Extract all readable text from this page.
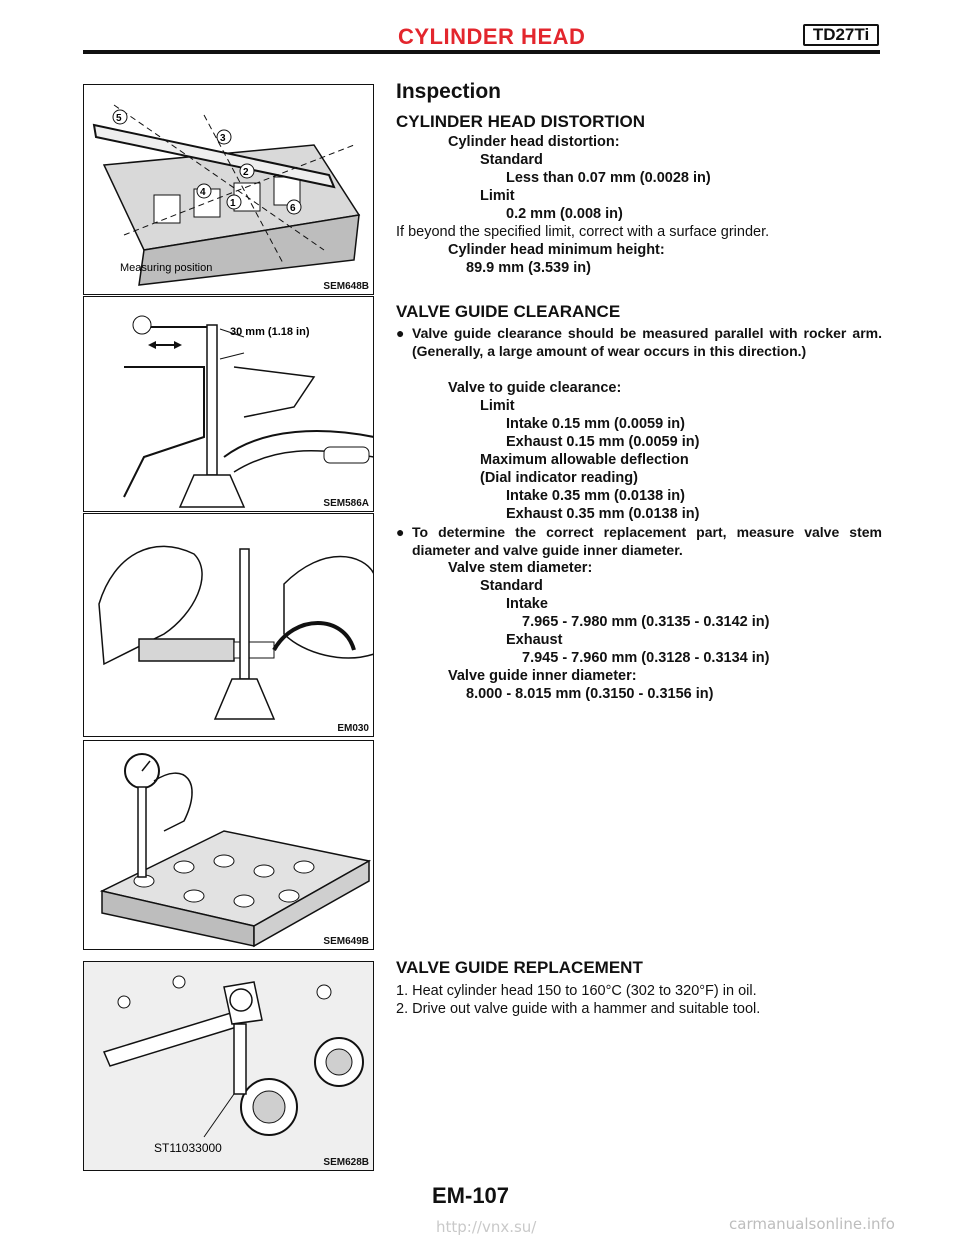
CYLINDER HEAD	TD27Ti
5
3
2
4
1	6
Measuring position
SEM648B
30 mm (1.18 in)
SEM586A
EM030
SEM649B
ST11033000
SEM628B
Inspection
CYLINDER HEAD DISTORTION
Cylinder head distortion:
Standard
Less than 0.07 mm (0.0028 in)
Limit
0.2 mm (0.008 in)
If beyond the specified limit, correct with a surface grinder.
Cylinder head minimum height:
89.9 mm (3.539 in)
VALVE GUIDE CLEARANCE
● Valve guide clearance should be measured parallel with rocker arm. (Generally, a large amount of wear occurs in this direction.)
Valve to guide clearance:
Limit
Intake 0.15 mm (0.0059 in)
Exhaust 0.15 mm (0.0059 in)
Maximum allowable deflection
(Dial indicator reading)
Intake 0.35 mm (0.0138 in)
Exhaust 0.35 mm (0.0138 in)
● To determine the correct replacement part, measure valve stem diameter and valve guide inner diameter.
Valve stem diameter:
Standard
Intake
7.965 - 7.980 mm (0.3135 - 0.3142 in)
Exhaust
7.945 - 7.960 mm (0.3128 - 0.3134 in)
Valve guide inner diameter:
8.000 - 8.015 mm (0.3150 - 0.3156 in)
VALVE GUIDE REPLACEMENT
1. Heat cylinder head 150 to 160°C (302 to 320°F) in oil.
2. Drive out valve guide with a hammer and suitable tool.
EM-107
http://vnx.su/	carmanualsonline.info
